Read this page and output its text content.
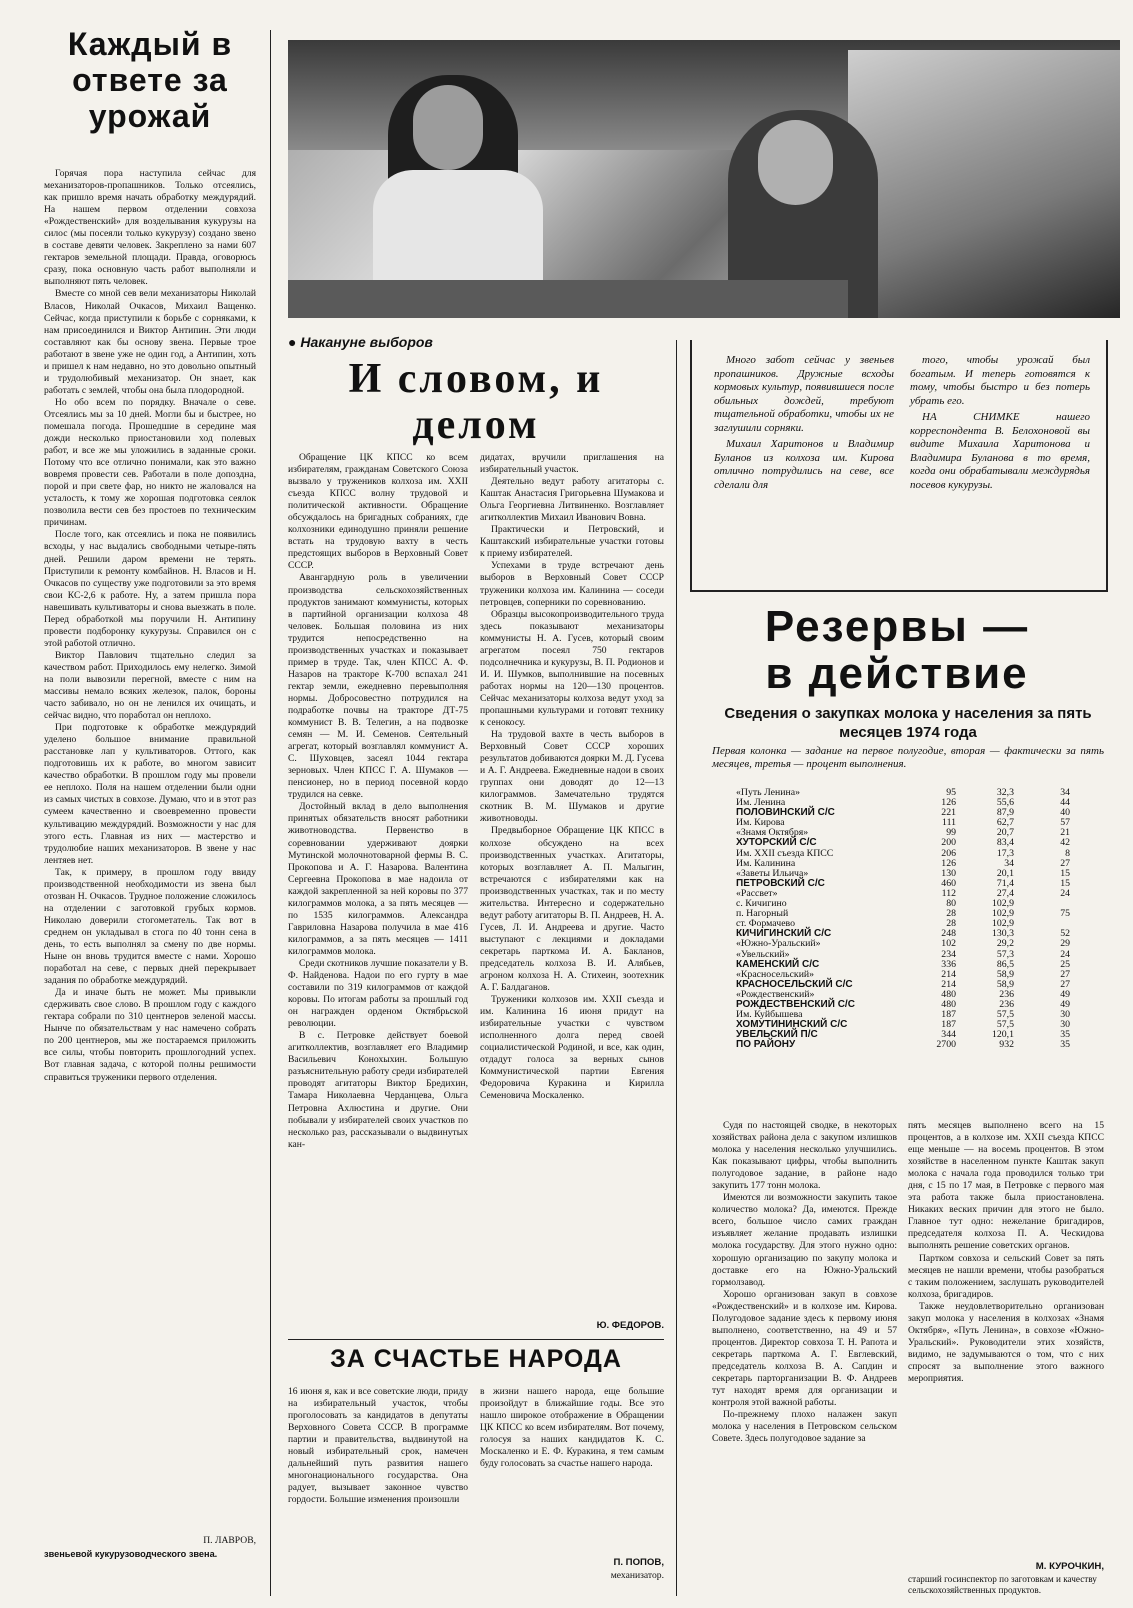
Каждый в ответе за урожай

Горячая пора наступила сейчас для механизаторов-пропашников. Только отсеялись, как пришло время начать обработку междурядий. На нашем первом отделении совхоза «Рождественский» для возделывания кукурузы на силос (мы посеяли только кукурузу) создано звено в составе девяти человек. Закреплено за нами 607 гектаров земельной площади. Правда, оговорюсь сразу, пока основную часть работ выполняли и выполняют пять человек.

Вместе со мной сев вели механизаторы Николай Власов, Николай Очкасов, Михаил Ващенко. Сейчас, когда приступили к борьбе с сорняками, к нам присоединился и Виктор Антипин. Эти люди составляют как бы основу звена. Первые трое работают в звене уже не один год, а Антипин, хоть и пришел к нам недавно, но это довольно опытный и трудолюбивый механизатор. Он знает, как работать с землей, чтобы она была плодородной.

Но обо всем по порядку. Вначале о севе. Отсеялись мы за 10 дней. Могли бы и быстрее, но помешала погода. Прошедшие в середине мая дожди несколько приостановили ход полевых работ, и все же мы уложились в заданные сроки. Потому что все отлично понимали, как это важно вовремя провести сев. Работали в поле допоздна, порой и при свете фар, но никто не жаловался на усталость, к тому же хорошая подготовка сеялок позволила вести сев без простоев по техническим причинам.

После того, как отсеялись и пока не появились всходы, у нас выдались свободными четыре-пять дней. Решили даром времени не терять. Приступили к ремонту комбайнов. Н. Власов и Н. Очкасов по существу уже подготовили за это время свои КС-2,6 к работе. Ну, а затем пришла пора навешивать культиваторы и снова выезжать в поле. Перед обработкой мы поручили Н. Антипину провести подборонку кукурузы. Справился он с этой работой отлично.

Виктор Павлович тщательно следил за качеством работ. Приходилось ему нелегко. Зимой на поли вывозили перегной, вместе с ним на массивы немало всяких железок, палок, бороны часто забивало, но он не ленился их очищать, и сейчас видно, что поработал он неплохо.

При подготовке к обработке междурядий уделено большое внимание правильной расстановке лап у культиваторов. Оттого, как подготовишь их к работе, во многом зависит качество обработки. В прошлом году мы провели ее неплохо. Поля на нашем отделении были одни из самых чистых в совхозе. Думаю, что и в этот раз сумеем качественно и своевременно провести культивацию междурядий. Возможности у нас для этого есть. Главная из них — мастерство и трудолюбие наших механизаторов. В звене у нас лентяев нет.

Так, к примеру, в прошлом году ввиду производственной необходимости из звена был отозван Н. Очкасов. Трудное положение сложилось на отделении с заготовкой грубых кормов. Николаю доверили стогометатель. Так вот в среднем он укладывал в стога по 40 тонн сена в день, то есть выполнял за смену по две нормы. Ныне он вновь трудится вместе с нами. Хорошо поработал на севе, с первых дней перекрывает задания по обработке междурядий.

Да и иначе быть не может. Мы привыкли сдерживать свое слово. В прошлом году с каждого гектара собрали по 310 центнеров зеленой массы. Нынче по обязательствам у нас намечено собрать по 200 центнеров, мы же постараемся приложить все силы, чтобы повторить прошлогодний успех. Вот главная задача, с которой полны решимости справиться труженики первого отделения.

П. ЛАВРОВ,
звеньевой кукурузоводческого звена.
● Накануне выборов
И словом, и делом

Обращение ЦК КПСС ко всем избирателям, гражданам Советского Союза вызвало у тружеников колхоза им. XXII съезда КПСС волну трудовой и политической активности. Обращение обсуждалось на бригадных собраниях, где колхозники единодушно приняли решение встать на трудовую вахту в честь предстоящих выборов в Верховный Совет СССР.

Авангардную роль в увеличении производства сельскохозяйственных продуктов занимают коммунисты, которых в партийной организации колхоза 48 человек. Большая половина из них трудится непосредственно на производственных участках и показывает пример в труде. Так, член КПСС А. Ф. Назаров на тракторе К-700 вспахал 241 гектар земли, ежедневно перевыполняя нормы. Добросовестно потрудился на подработке почвы на тракторе ДТ-75 коммунист В. В. Телегин, а на подвозке семян — М. И. Семенов. Сеятельный агрегат, который возглавлял коммунист А. С. Шуховцев, засеял 1044 гектара зерновых. Член КПСС Г. А. Шумаков — пенсионер, но в период посевной кордо трудился на севке.

Достойный вклад в дело выполнения принятых обязательств вносят работники животноводства. Первенство в соревновании удерживают доярки Мутинской молочнотоварной фермы В. С. Прокопова и А. Г. Назарова. Валентина Сергеевна Прокопова в мае надоила от каждой закрепленной за ней коровы по 377 килограммов молока, а за пять месяцев — по 1535 килограммов. Александра Гавриловна Назарова получила в мае 416 килограммов, а за пять месяцев — 1411 килограммов молока.

Среди скотников лучшие показатели у В. Ф. Найденова. Надои по его гурту в мае составили по 319 килограммов от каждой коровы. По итогам работы за прошлый год он награжден орденом Октябрьской революции.

В с. Петровке действует боевой агитколлектив, возглавляет его Владимир Васильевич Конохыхин. Большую разъяснительную работу среди избирателей проводят агитаторы Виктор Бредихин, Тамара Николаевна Черданцева, Ольга Петровна Ахлюстина и другие. Они побывали у избирателей своих участков по несколько раз, рассказывали о выдвинутых кан-

дидатах, вручили приглашения на избирательный участок.

Деятельно ведут работу агитаторы с. Каштак Анастасия Григорьевна Шумакова и Ольга Георгиевна Литвиненко. Возглавляет агитколлектив Михаил Иванович Вовна.

Практически и Петровский, и Каштакский избирательные участки готовы к приему избирателей.

Успехами в труде встречают день выборов в Верховный Совет СССР труженики колхоза им. Калинина — соседи петровцев, соперники по соревнованию.

Образцы высокопроизводительного труда здесь показывают механизаторы коммунисты Н. А. Гусев, который своим агрегатом посеял 750 гектаров подсолнечника и кукурузы, В. П. Родионов и И. И. Шумков, выполнившие на посевных работах нормы на 120—130 процентов. Сейчас механизаторы колхоза ведут уход за пропашными культурами и готовят технику к сенокосу.

На трудовой вахте в честь выборов в Верховный Совет СССР хороших результатов добиваются доярки М. Д. Гусева и А. Г. Андреева. Ежедневные надои в своих группах они доводят до 12—13 килограммов. Замечательно трудятся скотник В. М. Шумаков и другие животноводы.

Предвыборное Обращение ЦК КПСС в колхозе обсуждено на всех производственных участках. Агитаторы, которых возглавляет А. П. Малыгин, встречаются с избирателями как на производственных участках, так и по месту жительства. Интересно и содержательно ведут работу агитаторы В. П. Андреев, Н. А. Гусев, Л. И. Андреева и другие. Часто выступают с лекциями и докладами секретарь парткома И. А. Бакланов, председатель колхоза В. И. Алябьев, агроном колхоза Н. А. Стихеин, зоотехник А. Г. Балдаганов.

Труженики колхозов им. XXII съезда и им. Калинина 16 июня придут на избирательные участки с чувством исполненного долга перед своей социалистической Родиной, и все, как один, отдадут голоса за верных сынов Коммунистической партии Евгения Федоровича Куракина и Кирилла Семеновича Москаленко.

Ю. ФЕДОРОВ.
ЗА СЧАСТЬЕ НАРОДА
16 июня я, как и все советские люди, приду на избирательный участок, чтобы проголосовать за кандидатов в депутаты Верховного Совета СССР. В программе партии и правительства, выдвинутой на новый избирательный срок, намечен дальнейший путь развития нашего многонационального государства. Она радует, вызывает законное чувство гордости. Большие изменения произошли
в жизни нашего народа, еще большие произойдут в ближайшие годы. Все это нашло широкое отображение в Обращении ЦК КПСС ко всем избирателям. Вот почему, голосуя за наших кандидатов К. С. Москаленко и Е. Ф. Куракина, я тем самым буду голосовать за счастье нашего народа.
П. ПОПОВ,
механизатор.
Много забот сейчас у звеньев пропашников. Дружные всходы кормовых культур, появившиеся после обильных дождей, требуют тщательной обработки, чтобы их не заглушили сорняки.
Михаил Харитонов и Владимир Буланов из колхоза им. Кирова отлично потрудились на севе, все сделали для
того, чтобы урожай был богатым. И теперь готовятся к тому, чтобы быстро и без потерь убрать его.
НА СНИМКЕ нашего корреспондента В. Белохоновой вы видите Михаила Харитонова и Владимира Буланова в то время, когда они обрабатывали междурядья посевов кукурузы.
Резервы —
в действие
Сведения о закупках молока у населения за пять месяцев 1974 года
Первая колонка — задание на первое полугодие, вторая — фактически за пять месяцев, третья — процент выполнения.
«Путь Ленина»	95	32,3	34
Им. Ленина	126	55,6	44
ПОЛОВИНСКИЙ С/С	221	87,9	40
Им. Кирова	111	62,7	57
«Знамя Октября»	99	20,7	21
ХУТОРСКИЙ С/С	200	83,4	42
Им. XXII съезда КПСС	206	17,3	8
Им. Калинина	126	34	27
«Заветы Ильича»	130	20,1	15
ПЕТРОВСКИЙ С/С	460	71,4	15
«Рассвет»	112	27,4	24
с. Кичигино	80	102,9	
п. Нагорный	28	102,9	75
ст. Формачево	28	102,9	
КИЧИГИНСКИЙ С/С	248	130,3	52
«Южно-Уральский»	102	29,2	29
«Увельский»	234	57,3	24
КАМЕНСКИЙ С/С	336	86,5	25
«Красносельский»	214	58,9	27
КРАСНОСЕЛЬСКИЙ С/С	214	58,9	27
«Рождественский»	480	236	49
РОЖДЕСТВЕНСКИЙ С/С	480	236	49
Им. Куйбышева	187	57,5	30
ХОМУТИНИНСКИЙ С/С	187	57,5	30
УВЕЛЬСКИЙ П/С	344	120,1	35
ПО РАЙОНУ	2700	932	35

Судя по настоящей сводке, в некоторых хозяйствах района дела с закупом излишков молока у населения несколько улучшились. Как показывают цифры, чтобы выполнить полугодовое задание, в районе надо закупить 177 тонн молока.

Имеются ли возможности закупить такое количество молока? Да, имеются. Прежде всего, большое число самих граждан изъявляет желание продавать излишки молока государству. Для этого нужно одно: хорошую организацию по закупу молока и доставке его на Южно-Уральский гормолзавод.

Хорошо организован закуп в совхозе «Рождественский» и в колхозе им. Кирова. Полугодовое задание здесь к первому июня выполнено, соответственно, на 49 и 57 процентов. Директор совхоза Т. Н. Рапота и секретарь парткома А. Г. Евглевский, председатель колхоза В. А. Сапдин и секретарь парторганизации В. Ф. Андреев тут находят время для организации и контроля этой важной работы.

По-прежнему плохо налажен закуп молока у населения в Петровском сельском Совете. Здесь полугодовое задание за

пять месяцев выполнено всего на 15 процентов, а в колхозе им. XXII съезда КПСС еще меньше — на восемь процентов. В этом хозяйстве в населенном пункте Каштак закуп молока с начала года проводился только три дня, с 15 по 17 мая, в Петровке с первого мая эта работа также была приостановлена. Никаких веских причин для этого не было. Главное тут одно: нежелание бригадиров, председателя колхоза П. А. Ческидова выполнять решение советских органов.

Партком совхоза и сельский Совет за пять месяцев не нашли времени, чтобы разобраться с таким положением, заслушать руководителей колхоза, бригадиров.

Также неудовлетворительно организован закуп молока у населения в колхозах «Знамя Октября», «Путь Ленина», в совхозе «Южно-Уральский». Руководители этих хозяйств, видимо, не задумываются о том, что с них спросят за выполнение этого важного мероприятия.

М. КУРОЧКИН,
старший госинспектор по заготовкам и качеству сельскохозяйственных продуктов.
